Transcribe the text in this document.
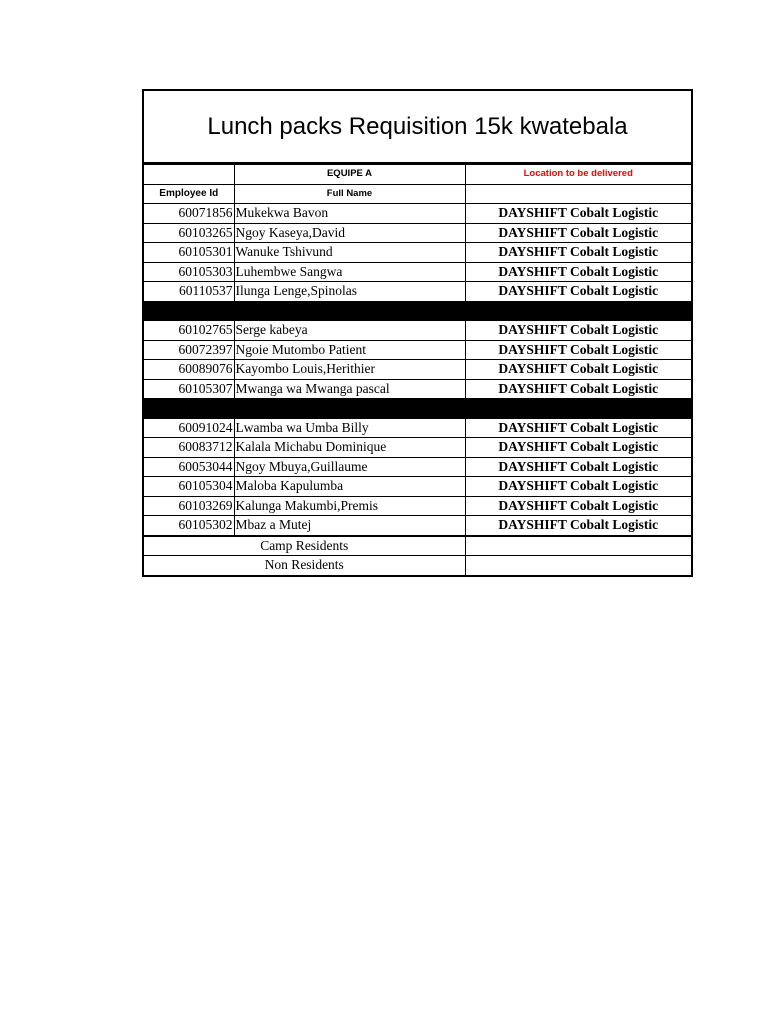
Lunch packs Requisition 15k kwatebala		
	EQUIPE A	Location to be delivered
Employee Id	Full Name	
60071856	Mukekwa Bavon	DAYSHIFT Cobalt Logistic
60103265	Ngoy Kaseya,David	DAYSHIFT Cobalt Logistic
60105301	Wanuke Tshivund	DAYSHIFT Cobalt Logistic
60105303	Luhembwe Sangwa	DAYSHIFT Cobalt Logistic
60110537	Ilunga Lenge,Spinolas	DAYSHIFT Cobalt Logistic

60102765	Serge kabeya	DAYSHIFT Cobalt Logistic
60072397	Ngoie Mutombo Patient	DAYSHIFT Cobalt Logistic
60089076	Kayombo Louis,Herithier	DAYSHIFT Cobalt Logistic
60105307	Mwanga wa Mwanga pascal	DAYSHIFT Cobalt Logistic

60091024	Lwamba wa Umba Billy	DAYSHIFT Cobalt Logistic
60083712	Kalala Michabu Dominique	DAYSHIFT Cobalt Logistic
60053044	Ngoy Mbuya,Guillaume	DAYSHIFT Cobalt Logistic
60105304	Maloba Kapulumba	DAYSHIFT Cobalt Logistic
60103269	Kalunga Makumbi,Premis	DAYSHIFT Cobalt Logistic
60105302	Mbaz a Mutej	DAYSHIFT Cobalt Logistic
Camp Residents		
Non Residents		
